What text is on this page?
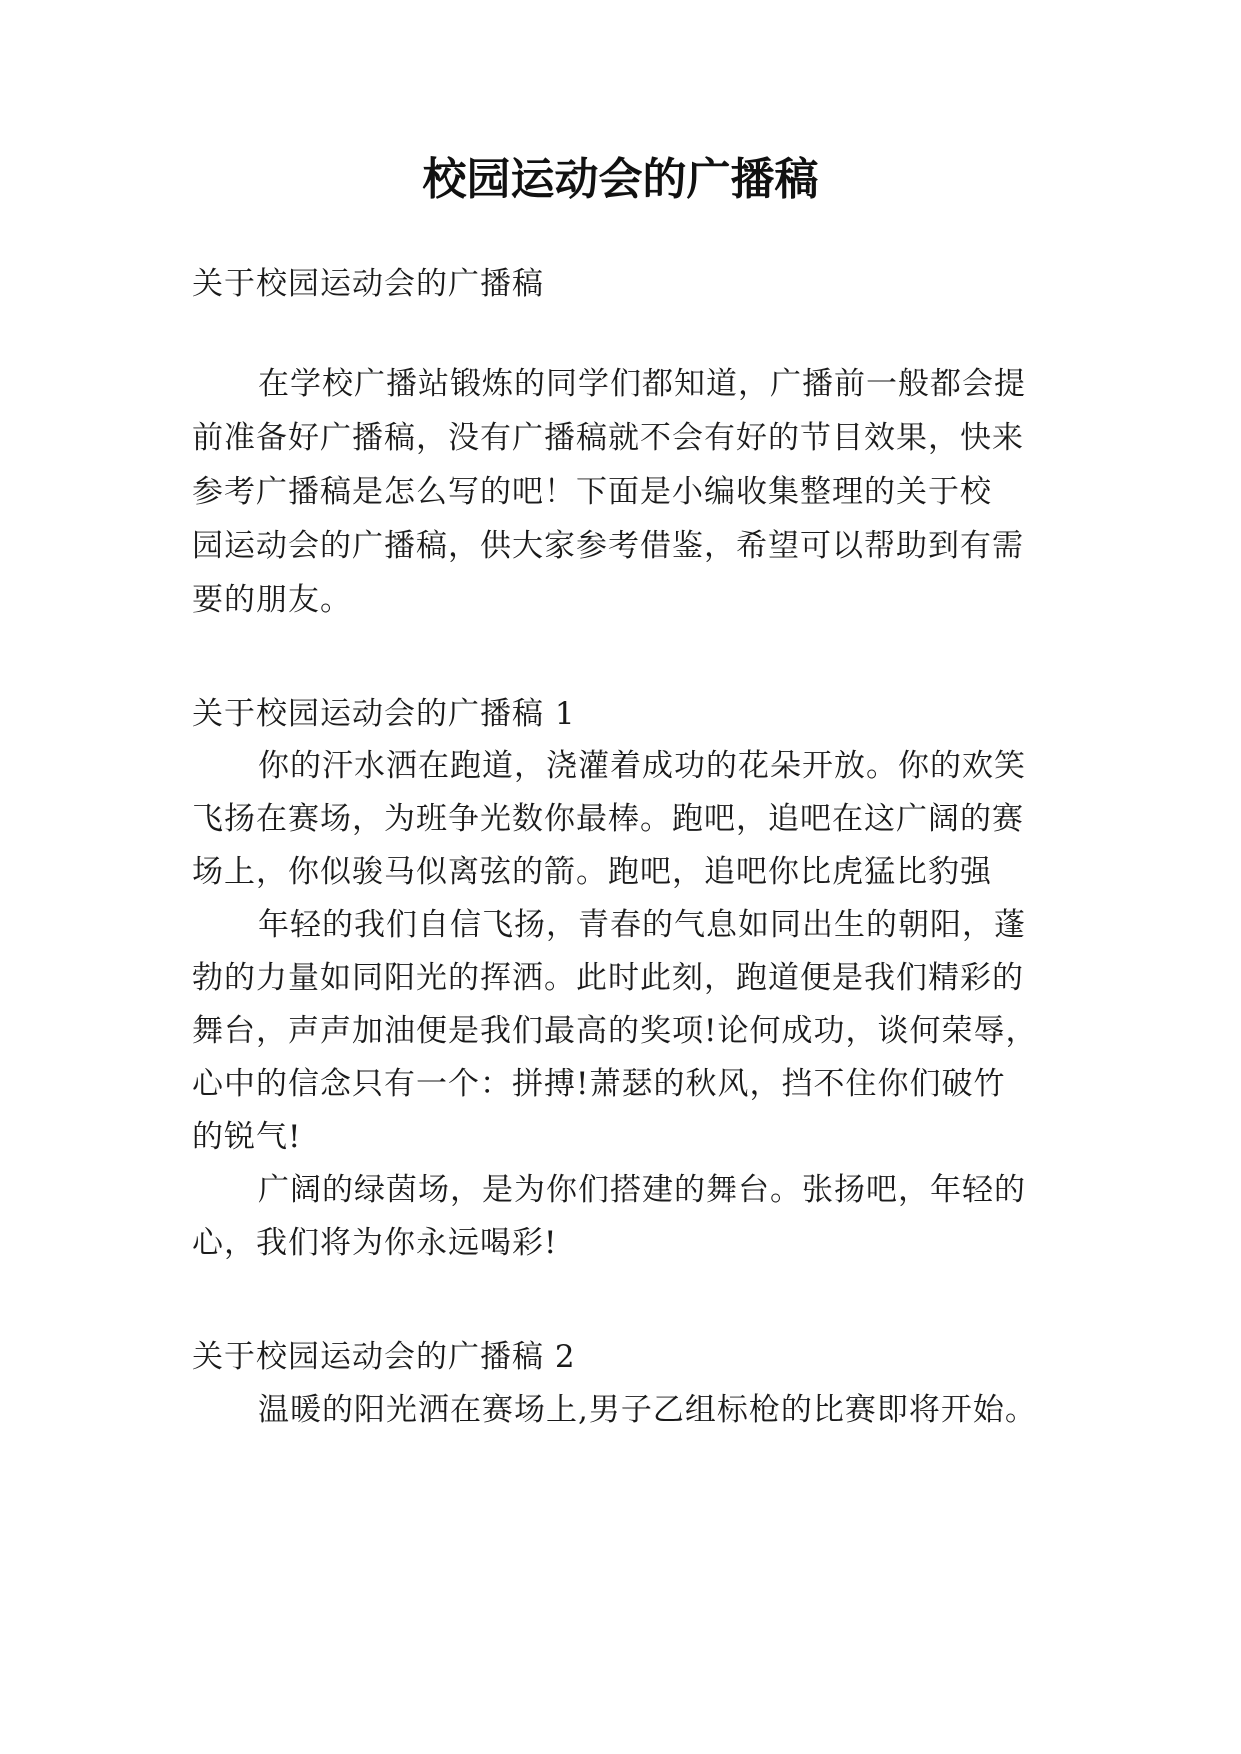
校园运动会的广播稿
关于校园运动会的广播稿
在学校广播站锻炼的同学们都知道，广播前一般都会提
前准备好广播稿，没有广播稿就不会有好的节目效果，快来
参考广播稿是怎么写的吧！下面是小编收集整理的关于校
园运动会的广播稿，供大家参考借鉴，希望可以帮助到有需
要的朋友。
关于校园运动会的广播稿 1
你的汗水洒在跑道，浇灌着成功的花朵开放。你的欢笑
飞扬在赛场，为班争光数你最棒。跑吧，追吧在这广阔的赛
场上，你似骏马似离弦的箭。跑吧，追吧你比虎猛比豹强
年轻的我们自信飞扬，青春的气息如同出生的朝阳，蓬
勃的力量如同阳光的挥洒。此时此刻，跑道便是我们精彩的
舞台，声声加油便是我们最高的奖项!论何成功，谈何荣辱，
心中的信念只有一个：拼搏!萧瑟的秋风，挡不住你们破竹
的锐气!
广阔的绿茵场，是为你们搭建的舞台。张扬吧，年轻的
心，我们将为你永远喝彩!
关于校园运动会的广播稿 2
温暖的阳光洒在赛场上,男子乙组标枪的比赛即将开始。
